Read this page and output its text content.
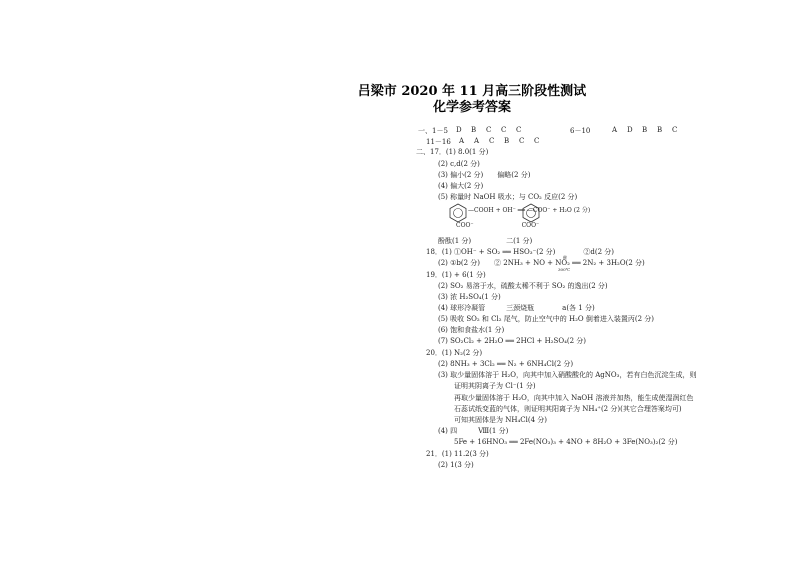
吕梁市 2020 年 11 月高三阶段性测试
化学参考答案
一、1－5 D B C C C	6－10	A D B B C
11－16 A A C B C C
二、17．(1) 8.0(1 分)
(2) c,d(2 分)
(3) 偏小(2 分)　　偏略(2 分)
(4) 偏大(2 分)
(5) 称量时 NaOH 吸水；与 CO₂ 反应(2 分)
—COOH + OH⁻ ══ —COO⁻ + H₂O (2 分)
COO⁻　　　　　　　　COO⁻
酚酞(1 分)　　　　　二(1 分)
18．(1) ①OH⁻ + SO₂ ══ HSO₃⁻(2 分)　　　　②d(2 分)
(2) ①b(2 分)　　② 2NH₃ + NO + NO₂ ══ 2N₂ + 3H₂O(2 分)
催
300℃
19．(1) + 6(1 分)
(2) SO₂ 易溶于水，硫酸太稀不利于 SO₂ 的逸出(2 分)
(3) 浓 H₂SO₄(1 分)
(4) 球形冷凝管　　　三颈烧瓶　　　　a(各 1 分)
(5) 吸收 SO₂ 和 Cl₂ 尾气，防止空气中的 H₂O 倒着进入装置丙(2 分)
(6) 饱和食盐水(1 分)
(7) SO₂Cl₂ + 2H₂O ══ 2HCl + H₂SO₄(2 分)
20．(1) N₂(2 分)
(2) 8NH₃ + 3Cl₂ ══ N₂ + 6NH₄Cl(2 分)
(3) 取少量固体溶于 H₂O，向其中加入硝酸酸化的 AgNO₃，若有白色沉淀生成，则
证明其阴离子为 Cl⁻(1 分)
再取少量固体溶于 H₂O，向其中加入 NaOH 溶液并加热，能生成使湿润红色
石蕊试纸变蓝的气体，则证明其阳离子为 NH₄⁺(2 分)(其它合理答案均可)
可知其固体是为 NH₄Cl(4 分)
(4) 四　　　Ⅷ(1 分)
5Fe + 16HNO₃ ══ 2Fe(NO₃)₃ + 4NO + 8H₂O + 3Fe(NO₃)₂(2 分)
21．(1) 11.2(3 分)
(2) 1(3 分)
